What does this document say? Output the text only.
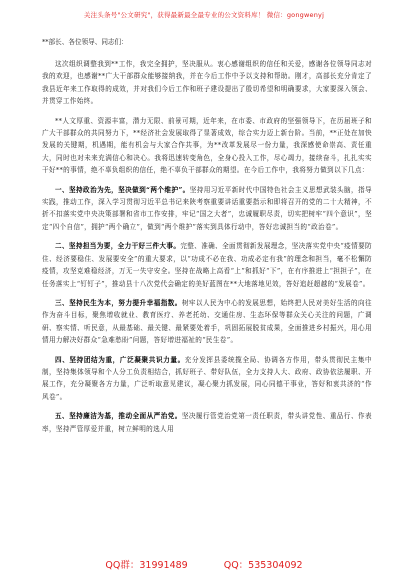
关注头条号"公文研究"，获得最新最全最专业的公文资料库！ 微信：gongwenyj

**部长、各位领导、同志们：

这次组织调整我到**工作，我完全拥护，坚决服从。衷心感谢组织的信任和关爱，感谢各位领导同志对我的欢迎，也感谢**广大干部群众能够接纳我，并在今后工作中予以支持和帮助。刚才，高部长充分肯定了我县近年来工作取得的成效，并对我们今后工作和班子建设提出了殷切希望和明确要求，大家要深入领会、并贯穿工作始终。

**人文厚重、资源丰富，潜力无限、前景可期，近年来，在市委、市政府的坚强领导下，在历届班子和广大干部群众的共同努力下，**经济社会发展取得了显著成效，综合实力迈上新台阶。当前，**正处在加快发展的关键期，机遇期，能有机会与大家合作共事，为**改革发展尽一份力量，我深感使命崇高、责任重大，同时也对未来充满信心和决心。我将迅速转变角色，全身心投入工作，尽心竭力，接续奋斗，扎扎实实干好**的事情，绝不辜负组织的信任，绝不辜负干部群众的期望。在今后工作中，我将努力做到以下几点：

一、坚持政治为先，坚决做到“两个维护”。坚持用习近平新时代中国特色社会主义思想武装头脑，指导实践，推动工作，深入学习贯彻习近平总书记来陕考察重要讲话重要指示和即将召开的党的二十大精神，不折不扣落实党中央决策部署和省市工作安排，牢记“国之大者”，忠诚履职尽责，切实把树牢“四个意识”，坚定“四个自信”，拥护“两个确立”，做到“两个维护”落实到具体行动中，答好忠诚担当的“政治卷”。

二、坚持担当为要，全力干好三件大事。完整、准确、全面贯彻新发展理念，坚决落实党中央“疫情要防住、经济要稳住、发展要安全”的重大要求，以“功成不必在我、功成必定有我”的理念和担当，毫不松懈防疫情，攻坚克难稳经济，万无一失守安全。坚持在战略上高看“上”和抓好“下”，在有序推进上“担担子”，在任务落实上“钉钉子”，推动县十八次党代会确定的美好蓝图在**大地落地见效，答好追赶超越的“发展卷”。

三、坚持民生为本，努力提升幸福指数。树牢以人民为中心的发展思想，始终把人民对美好生活的向往作为奋斗目标，聚焦增收就业、教育医疗、养老托幼、交通住房、生态环保等群众关心关注的问题，广调研、察实情、听民意，从最基础、最关键、最紧要处着手，巩固拓展脱贫成果，全面推进乡村振兴，用心用情用力解决好群众“急难愁盼”问题，答好增进福祉的“民生卷”。

四、坚持团结为重，广泛凝聚共识力量。充分发挥县委统揽全局、协调各方作用，带头贯彻民主集中制，坚持集体领导和个人分工负责相结合，抓好班子、带好队伍，全力支持人大、政府、政协依法履职、开展工作，充分凝聚各方力量，广泛听取意见建议，凝心聚力抓发展，同心同德干事业，答好和衷共济的“作风卷”。

五、坚持廉洁为基，推动全面从严治党。坚决履行管党治党第一责任职责，带头讲党性、重品行、作表率，坚持严管厚爱并重，树立鲜明的选人用

QQ群：31991489	QQ：535304092
